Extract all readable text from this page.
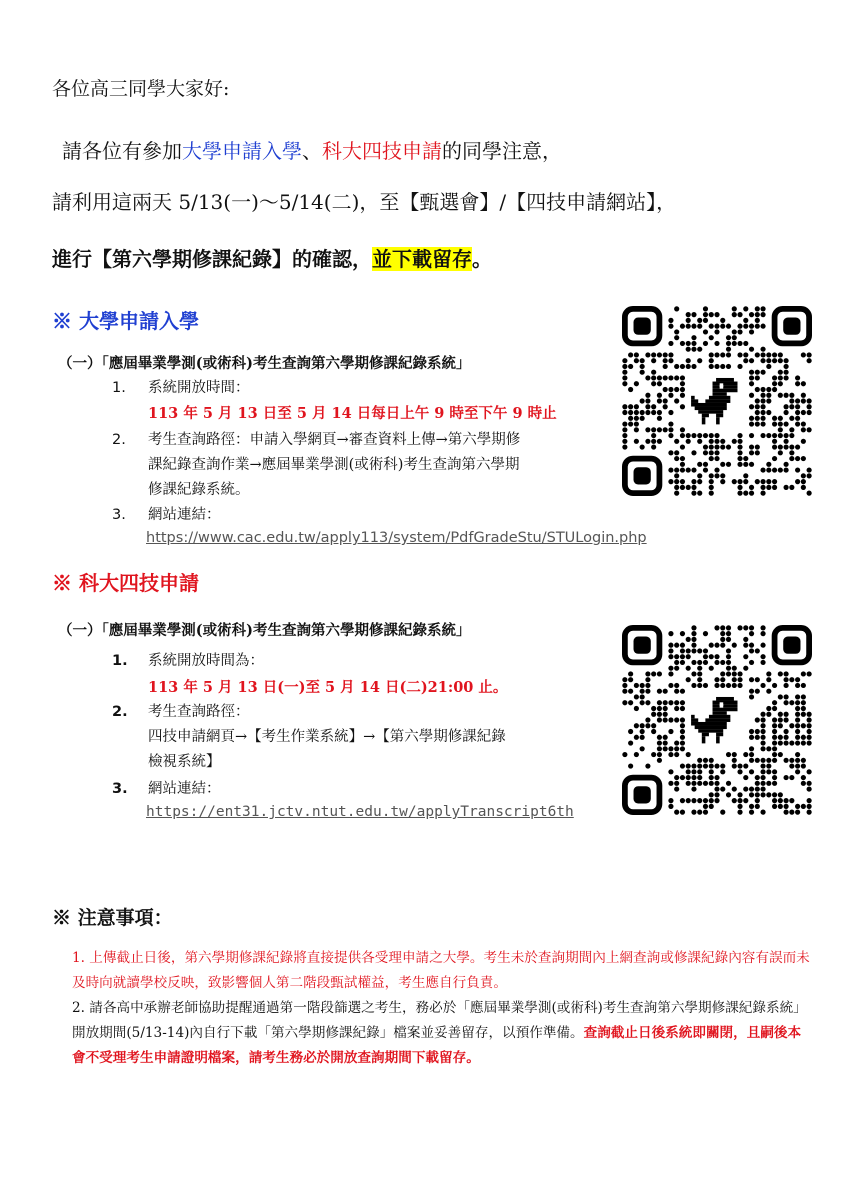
各位高三同學大家好:
請各位有參加大學申請入學、科大四技申請的同學注意，
請利用這兩天 5/13(一)～5/14(二)，至【甄選會】/【四技申請網站】，
進行【第六學期修課紀錄】的確認，並下載留存。
※ 大學申請入學
（一）「應屆畢業學測(或術科)考生查詢第六學期修課紀錄系統」
1. 系統開放時間：
113 年 5 月 13 日至 5 月 14 日每日上午 9 時至下午 9 時止
2. 考生查詢路徑：申請入學網頁→審查資料上傳→第六學期修
課紀錄查詢作業→應屆畢業學測(或術科)考生查詢第六學期
修課紀錄系統。
3. 網站連結：
https://www.cac.edu.tw/apply113/system/PdfGradeStu/STULogin.php
※ 科大四技申請
（一）「應屆畢業學測(或術科)考生查詢第六學期修課紀錄系統」
1. 系統開放時間為：
113 年 5 月 13 日(一)至 5 月 14 日(二)21:00 止。
2. 考生查詢路徑：
四技申請網頁→【考生作業系統】→【第六學期修課紀錄
檢視系統】
3. 網站連結：
https://ent31.jctv.ntut.edu.tw/applyTranscript6th
※ 注意事項：

1. 上傳截止日後，第六學期修課紀錄將直接提供各受理申請之大學。考生未於查詢期間內上網查詢或修課紀錄內容有誤而未及時向就讀學校反映，致影響個人第二階段甄試權益，考生應自行負責。

2. 請各高中承辦老師協助提醒通過第一階段篩選之考生，務必於「應屆畢業學測(或術科)考生查詢第六學期修課紀錄系統」開放期間(5/13-14)內自行下載「第六學期修課紀錄」檔案並妥善留存，以預作準備。查詢截止日後系統即關閉，且嗣後本會不受理考生申請證明檔案，請考生務必於開放查詢期間下載留存。
